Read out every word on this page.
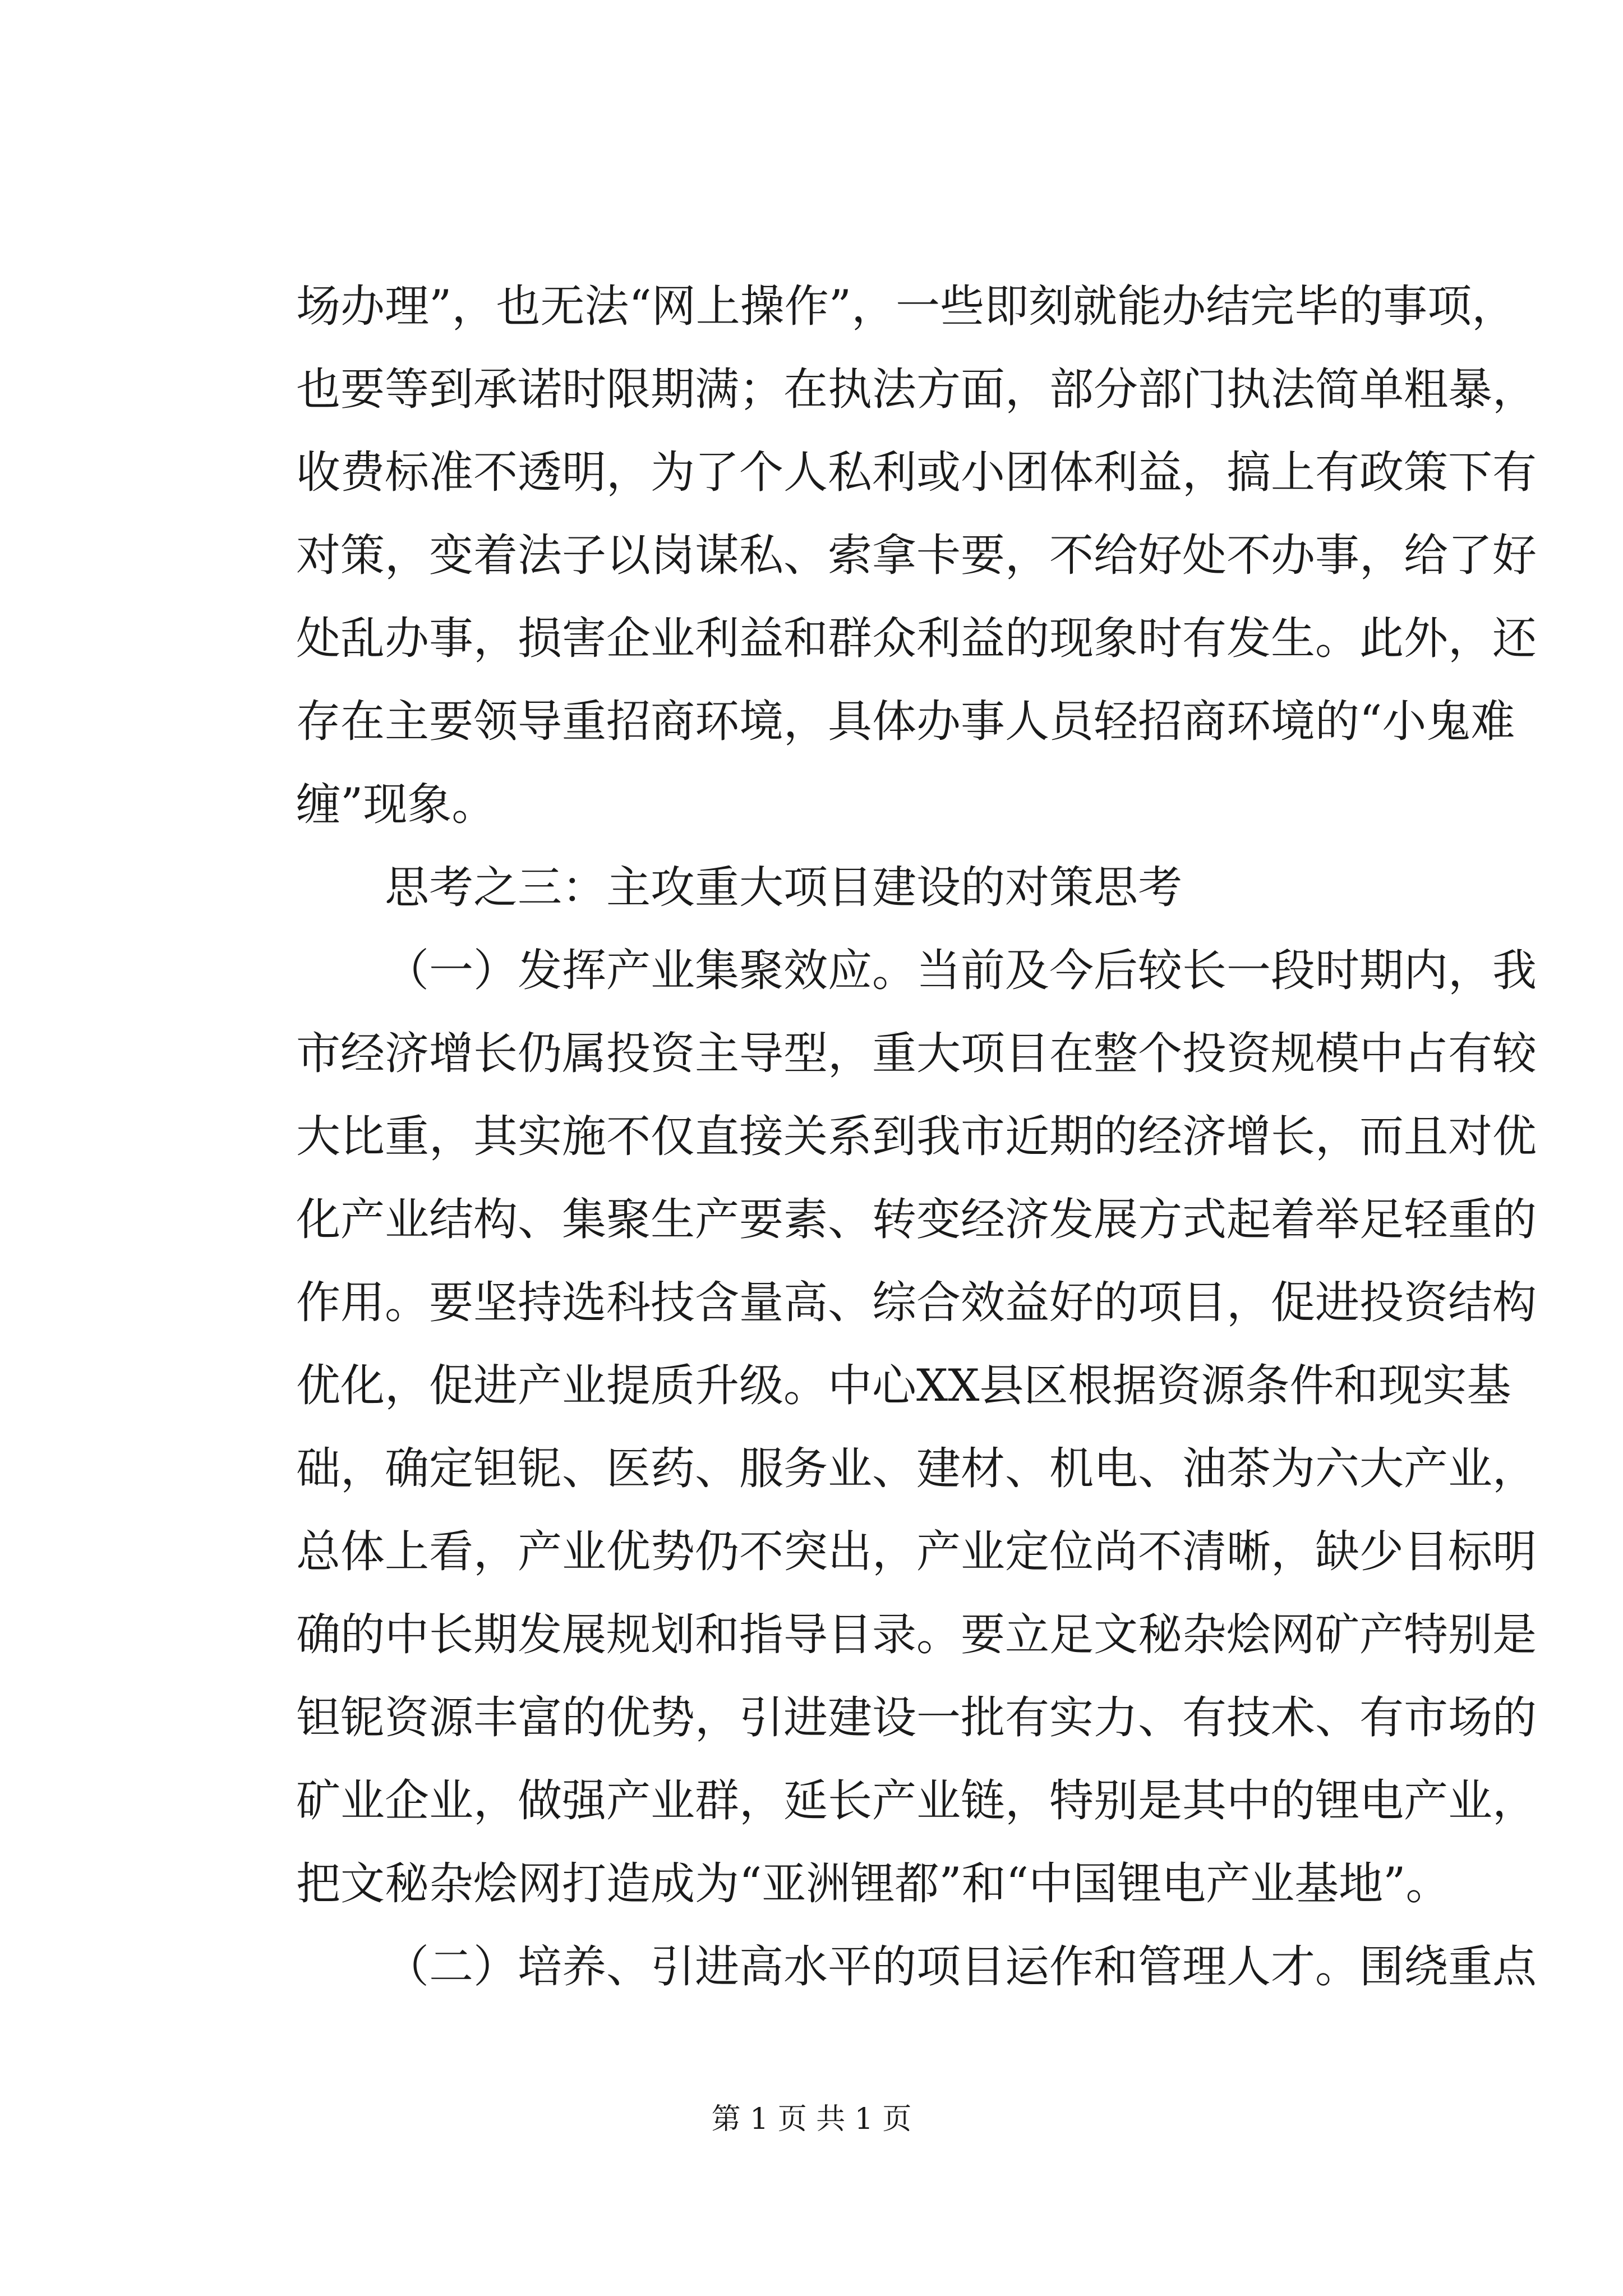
场 办 理 ” ， 也 无 法 “ 网 上 操 作 ” ， 一 些 即 刻 就 能 办 结 完 毕 的 事 项 ，
也 要 等 到 承 诺 时 限 期 满 ； 在 执 法 方 面 ， 部 分 部 门 执 法 简 单 粗 暴 ，
收 费 标 准 不 透 明 ， 为 了 个 人 私 利 或 小 团 体 利 益 ， 搞 上 有 政 策 下 有
对 策 ， 变 着 法 子 以 岗 谋 私 、 索 拿 卡 要 ， 不 给 好 处 不 办 事 ， 给 了 好
处 乱 办 事 ， 损 害 企 业 利 益 和 群 众 利 益 的 现 象 时 有 发 生 。 此 外 ， 还
存 在 主 要 领 导 重 招 商 环 境 ， 具 体 办 事 人 员 轻 招 商 环 境 的 “ 小 鬼 难
缠”现象。
思考之三：主攻重大项目建设的对策思考
（ 一 ） 发 挥 产 业 集 聚 效 应 。 当 前 及 今 后 较 长 一 段 时 期 内 ， 我
市 经 济 增 长 仍 属 投 资 主 导 型 ， 重 大 项 目 在 整 个 投 资 规 模 中 占 有 较
大 比 重 ， 其 实 施 不 仅 直 接 关 系 到 我 市 近 期 的 经 济 增 长 ， 而 且 对 优
化 产 业 结 构 、 集 聚 生 产 要 素 、 转 变 经 济 发 展 方 式 起 着 举 足 轻 重 的
作 用 。 要 坚 持 选 科 技 含 量 高 、 综 合 效 益 好 的 项 目 ， 促 进 投 资 结 构
优 化 ， 促 进 产 业 提 质 升 级 。 中 心 X X 县 区 根 据 资 源 条 件 和 现 实 基
础 ， 确 定 钽 铌 、 医 药 、 服 务 业 、 建 材 、 机 电 、 油 茶 为 六 大 产 业 ，
总 体 上 看 ， 产 业 优 势 仍 不 突 出 ， 产 业 定 位 尚 不 清 晰 ， 缺 少 目 标 明
确 的 中 长 期 发 展 规 划 和 指 导 目 录 。 要 立 足 文 秘 杂 烩 网 矿 产 特 别 是
钽 铌 资 源 丰 富 的 优 势 ， 引 进 建 设 一 批 有 实 力 、 有 技 术 、 有 市 场 的
矿 业 企 业 ， 做 强 产 业 群 ， 延 长 产 业 链 ， 特 别 是 其 中 的 锂 电 产 业 ，
把文秘杂烩网打造成为“亚洲锂都”和“中国锂电产业基地”。
（二）培养、引进高水平的项目运作和管理人才。围绕重点
第 1 页 共 1 页
